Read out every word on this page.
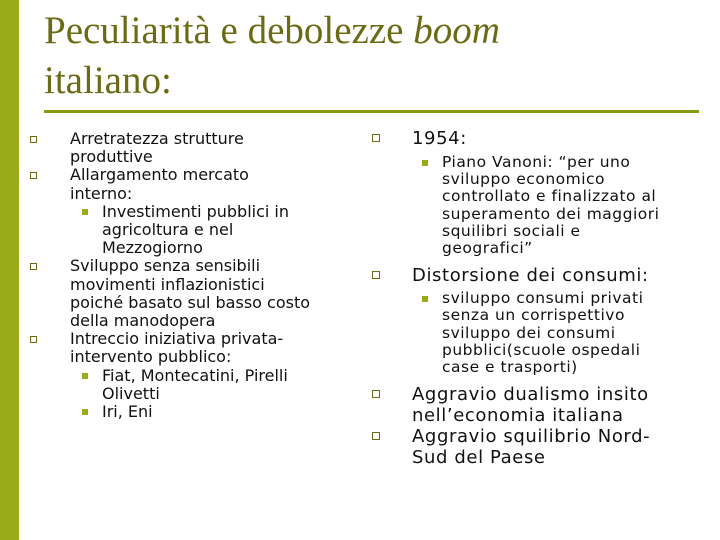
Peculiarità e debolezze boom
italiano:
Arretratezza strutture
produttive
Allargamento mercato
interno:
Investimenti pubblici in
agricoltura e nel
Mezzogiorno
Sviluppo senza sensibili
movimenti inflazionistici
poiché basato sul basso costo
della manodopera
Intreccio iniziativa privata-
intervento pubblico:
Fiat, Montecatini, Pirelli
Olivetti
Iri, Eni
1954:
Piano Vanoni: “per uno
sviluppo economico
controllato e finalizzato al
superamento dei maggiori
squilibri sociali e
geografici”
Distorsione dei consumi:
sviluppo consumi privati
senza un corrispettivo
sviluppo dei consumi
pubblici(scuole ospedali
case e trasporti)
Aggravio dualismo insito
nell’economia italiana
Aggravio squilibrio Nord-
Sud del Paese
